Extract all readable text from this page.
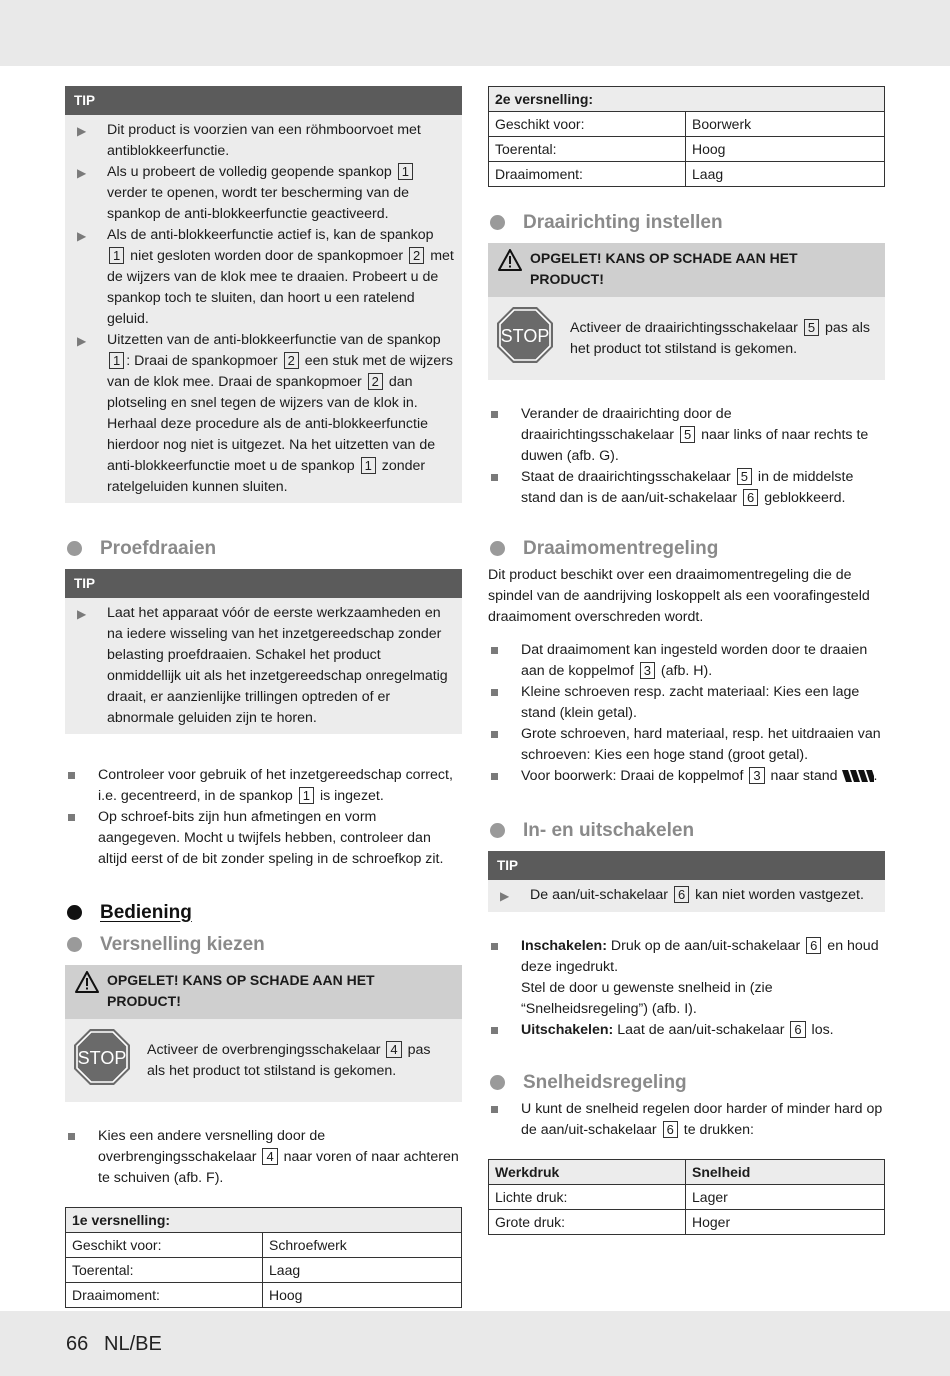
TIP
▶	Dit product is voorzien van een röhmboorvoet met antiblokkeerfunctie.
▶	Als u probeert de volledig geopende spankop 1 verder te openen, wordt ter bescherming van de spankop de anti-blokkeerfunctie geactiveerd.
▶	Als de anti-blokkeerfunctie actief is, kan de spankop 1 niet gesloten worden door de spankopmoer 2 met de wijzers van de klok mee te draaien. Probeert u de spankop toch te sluiten, dan hoort u een ratelend geluid.
▶	Uitzetten van de anti-blokkeerfunctie van de spankop 1 : Draai de spankopmoer 2 een stuk met de wijzers van de klok mee. Draai de spankopmoer 2 dan plotseling en snel tegen de wijzers van de klok in. Herhaal deze procedure als de anti-blokkeerfunctie hierdoor nog niet is uitgezet. Na het uitzetten van de anti-blokkeerfunctie moet u de spankop 1 zonder ratelgeluiden kunnen sluiten.
Proefdraaien
TIP
▶	Laat het apparaat vóór de eerste werkzaamheden en na iedere wisseling van het inzetgereedschap zonder belasting proefdraaien. Schakel het product onmiddellijk uit als het inzetgereedschap onregelmatig draait, er aanzienlijke trillingen optreden of er abnormale geluiden zijn te horen.
Controleer voor gebruik of het inzetgereedschap correct, i.e. gecentreerd, in de spankop 1 is ingezet.
Op schroef-bits zijn hun afmetingen en vorm aangegeven. Mocht u twijfels hebben, controleer dan altijd eerst of de bit zonder speling in de schroefkop zit.
Bediening
Versnelling kiezen
OPGELET! KANS OP SCHADE AAN HET PRODUCT!
STOP Activeer de overbrengingsschakelaar 4 pas als het product tot stilstand is gekomen.
Kies een andere versnelling door de overbrengingsschakelaar 4 naar voren of naar achteren te schuiven (afb. F).
1e versnelling:	
Geschikt voor:	Schroefwerk
Toerental:	Laag
Draaimoment:	Hoog
2e versnelling:	
Geschikt voor:	Boorwerk
Toerental:	Hoog
Draaimoment:	Laag
Draairichting instellen
OPGELET! KANS OP SCHADE AAN HET PRODUCT!
STOP Activeer de draairichtingsschakelaar 5 pas als het product tot stilstand is gekomen.
Verander de draairichting door de draairichtingsschakelaar 5 naar links of naar rechts te duwen (afb. G).
Staat de draairichtingsschakelaar 5 in de middelste stand dan is de aan/uit-schakelaar 6 geblokkeerd.
Draaimomentregeling
Dit product beschikt over een draaimomentregeling die de spindel van de aandrijving loskoppelt als een voorafingesteld draaimoment overschreden wordt.
Dat draaimoment kan ingesteld worden door te draaien aan de koppelmof 3 (afb. H).
Kleine schroeven resp. zacht materiaal: Kies een lage stand (klein getal).
Grote schroeven, hard materiaal, resp. het uitdraaien van schroeven: Kies een hoge stand (groot getal).
Voor boorwerk: Draai de koppelmof 3 naar stand .
In- en uitschakelen
TIP
▶	De aan/uit-schakelaar 6 kan niet worden vastgezet.
Inschakelen: Druk op de aan/uit-schakelaar 6 en houd deze ingedrukt.
Stel de door u gewenste snelheid in (zie “Snelheidsregeling”) (afb. I).
Uitschakelen: Laat de aan/uit-schakelaar 6 los.
Snelheidsregeling
U kunt de snelheid regelen door harder of minder hard op de aan/uit-schakelaar 6 te drukken:
Werkdruk	Snelheid
Lichte druk:	Lager
Grote druk:	Hoger
66 NL/BE
